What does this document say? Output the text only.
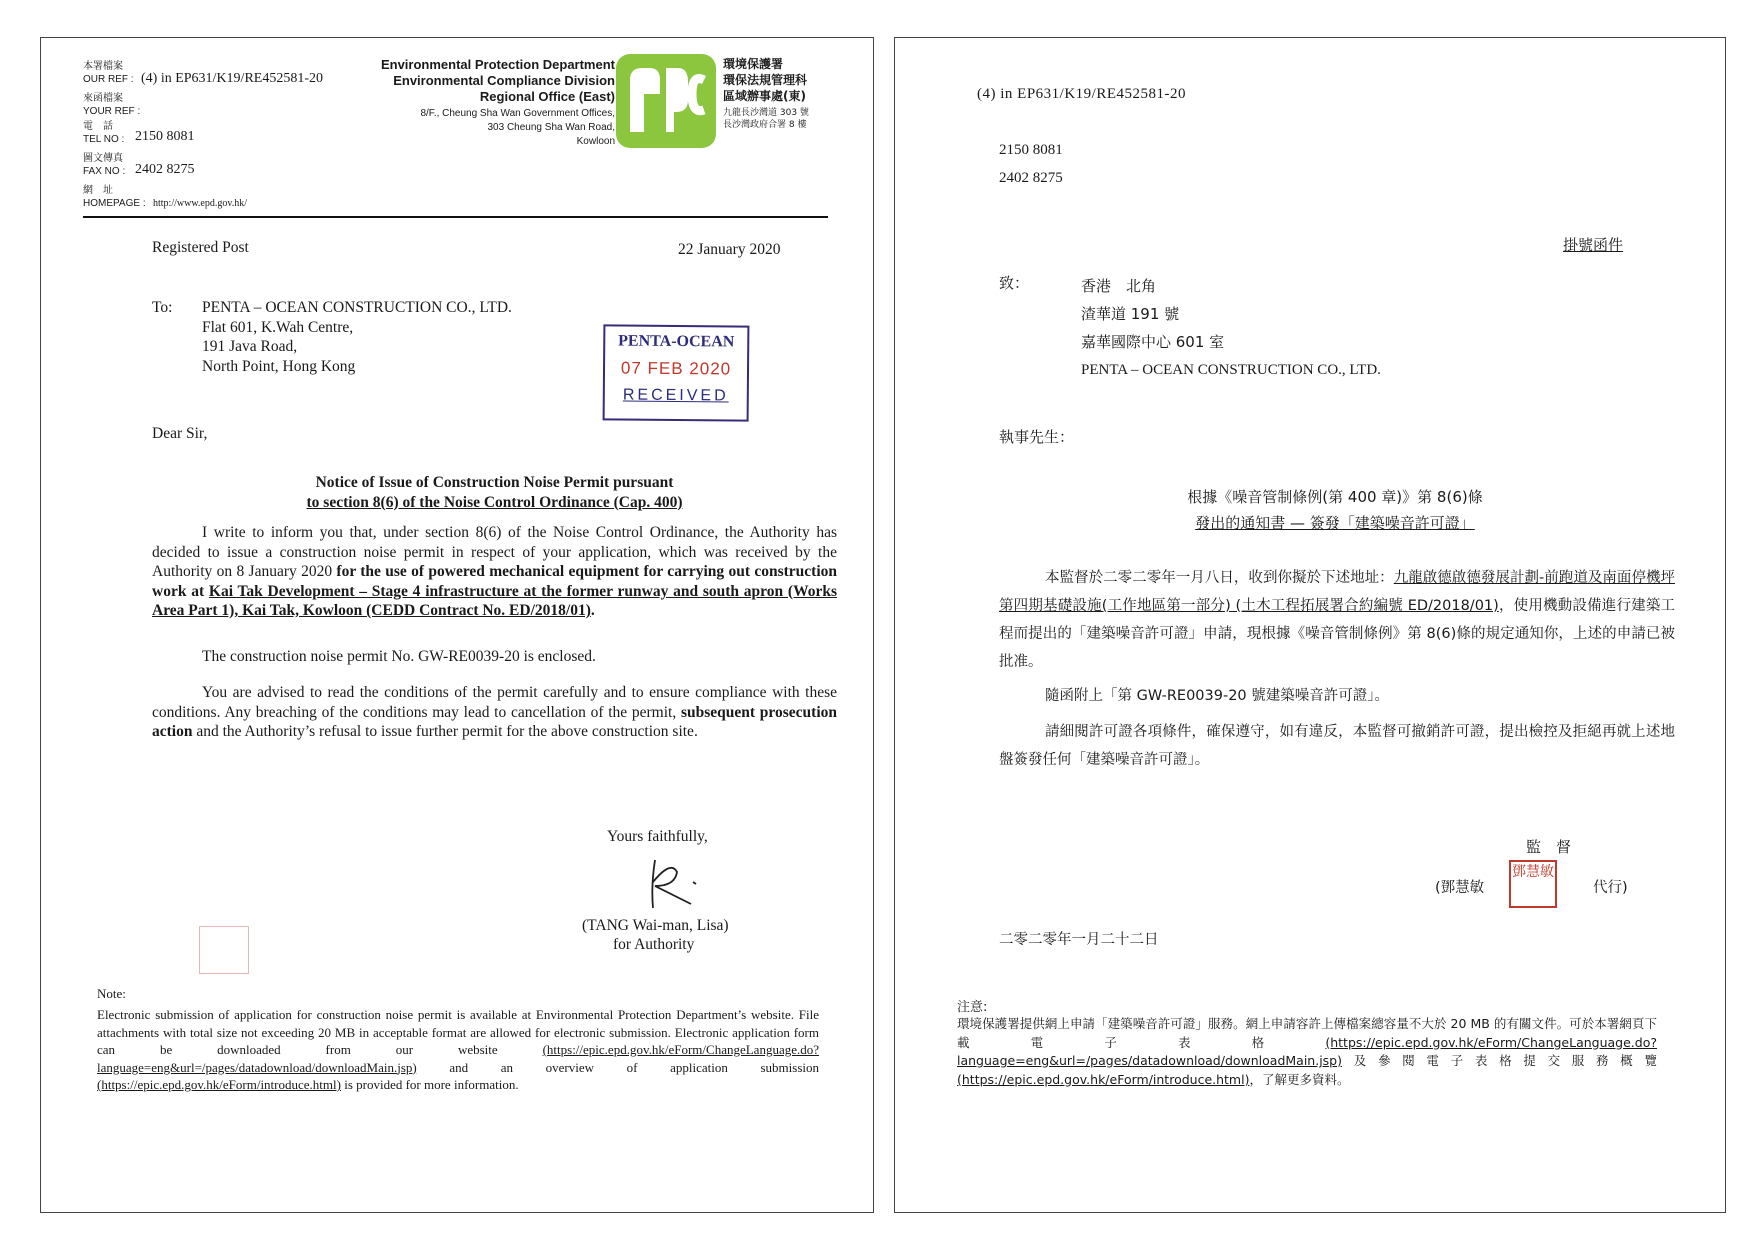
本署檔案
OUR REF : (4) in EP631/K19/RE452581-20
來函檔案
YOUR REF :
電　話
TEL NO : 2150 8081
圖文傳真
FAX NO : 2402 8275
網　址
HOMEPAGE : http://www.epd.gov.hk/
Environmental Protection Department
Environmental Compliance Division
Regional Office (East)
8/F., Cheung Sha Wan Government Offices,
303 Cheung Sha Wan Road,
Kowloon
環境保護署
環保法規管理科
區域辦事處(東)
九龍長沙灣道 303 號
長沙灣政府合署 8 樓
Registered Post	22 January 2020
To: PENTA – OCEAN CONSTRUCTION CO., LTD.
Flat 601, K.Wah Centre,
191 Java Road,
North Point, Hong Kong
PENTA-OCEAN
07 FEB 2020
RECEIVED
Dear Sir,
Notice of Issue of Construction Noise Permit pursuant
to section 8(6) of the Noise Control Ordinance (Cap. 400)
I write to inform you that, under section 8(6) of the Noise Control Ordinance, the Authority has decided to issue a construction noise permit in respect of your application, which was received by the Authority on 8 January 2020 for the use of powered mechanical equipment for carrying out construction work at Kai Tak Development – Stage 4 infrastructure at the former runway and south apron (Works Area Part 1), Kai Tak, Kowloon (CEDD Contract No. ED/2018/01).
The construction noise permit No. GW-RE0039-20 is enclosed.
You are advised to read the conditions of the permit carefully and to ensure compliance with these conditions. Any breaching of the conditions may lead to cancellation of the permit, subsequent prosecution action and the Authority’s refusal to issue further permit for the above construction site.
Yours faithfully,
(TANG Wai-man, Lisa)
for Authority
Note:
Electronic submission of application for construction noise permit is available at Environmental Protection Department’s website. File attachments with total size not exceeding 20 MB in acceptable format are allowed for electronic submission. Electronic application form can be downloaded from our website (https://epic.epd.gov.hk/eForm/ChangeLanguage.do?language=eng&url=/pages/datadownload/downloadMain.jsp) and an overview of application submission (https://epic.epd.gov.hk/eForm/introduce.html) is provided for more information.
(4) in EP631/K19/RE452581-20
2150 8081
2402 8275
掛號函件
致：	香港　北角
渣華道 191 號
嘉華國際中心 601 室
PENTA – OCEAN CONSTRUCTION CO., LTD.
執事先生：
根據《噪音管制條例(第 400 章)》第 8(6)條
發出的通知書 — 簽發「建築噪音許可證」
本監督於二零二零年一月八日，收到你擬於下述地址：九龍啟德啟德發展計劃-前跑道及南面停機坪第四期基礎設施(工作地區第一部分) (土木工程拓展署合約編號 ED/2018/01)，使用機動設備進行建築工程而提出的「建築噪音許可證」申請，現根據《噪音管制條例》第 8(6)條的規定通知你，上述的申請已被批准。
隨函附上「第 GW-RE0039-20 號建築噪音許可證」。
請細閱許可證各項條件，確保遵守，如有違反，本監督可撤銷許可證，提出檢控及拒絕再就上述地盤簽發任何「建築噪音許可證」。
監　督
(鄧慧敏
鄧慧敏
代行)
二零二零年一月二十二日
注意:
環境保護署提供網上申請「建築噪音許可證」服務。網上申請容許上傳檔案總容量不大於 20 MB 的有關文件。可於本署網頁下載電子表格(https://epic.epd.gov.hk/eForm/ChangeLanguage.do?language=eng&url=/pages/datadownload/downloadMain.jsp)及參閱電子表格提交服務概覽(https://epic.epd.gov.hk/eForm/introduce.html)，了解更多資料。
